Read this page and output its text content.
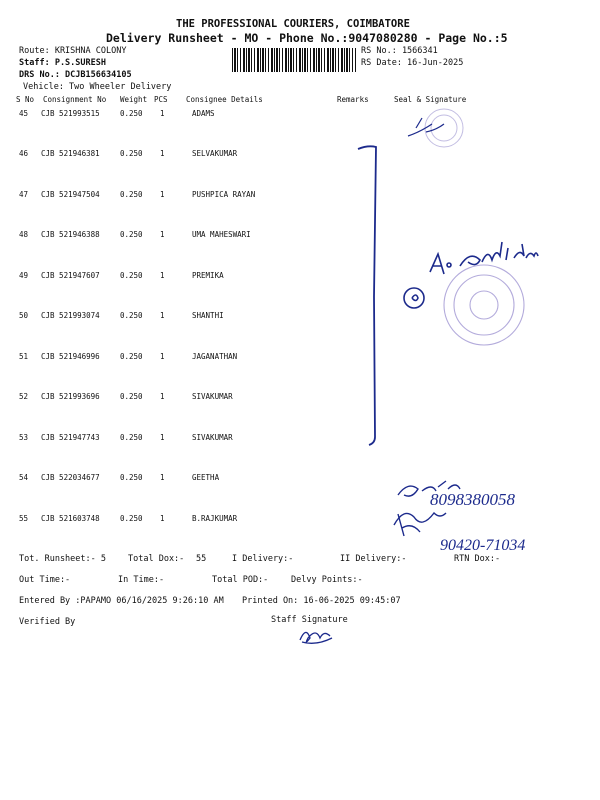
THE PROFESSIONAL COURIERS, COIMBATORE
Delivery Runsheet - MO - Phone No.:9047080280 - Page No.:5
Route: KRISHNA COLONY
Staff: P.S.SURESH
DRS No.: DCJB156634105
Vehicle: Two Wheeler Delivery
RS No.: 1566341
RS Date: 16-Jun-2025
S No Consignment No Weight PCS Consignee Details	Remarks	Seal & Signature
45 CJB 521993515	0.250 1	ADAMS
46 CJB 521946381	0.250 1	SELVAKUMAR
47 CJB 521947504	0.250 1	PUSHPICA RAYAN
48 CJB 521946388	0.250 1	UMA MAHESWARI
49 CJB 521947607	0.250 1	PREMIKA
50 CJB 521993074	0.250 1	SHANTHI
51 CJB 521946996	0.250 1	JAGANATHAN
52 CJB 521993696	0.250 1	SIVAKUMAR
53 CJB 521947743	0.250 1	SIVAKUMAR
54 CJB 522034677	0.250 1	GEETHA
55 CJB 521603748	0.250 1	B.RAJKUMAR
Tot. Runsheet:- 5	Total Dox:- 55	I Delivery:-	II Delivery:-	RTN Dox:-
Out Time:-	In Time:-	Total POD:-	Delvy Points:-
Entered By :PAPAMO 06/16/2025 9:26:10 AM Printed On: 16-06-2025 09:45:07
Verified By	Staff Signature
8098380058
90420-71034
